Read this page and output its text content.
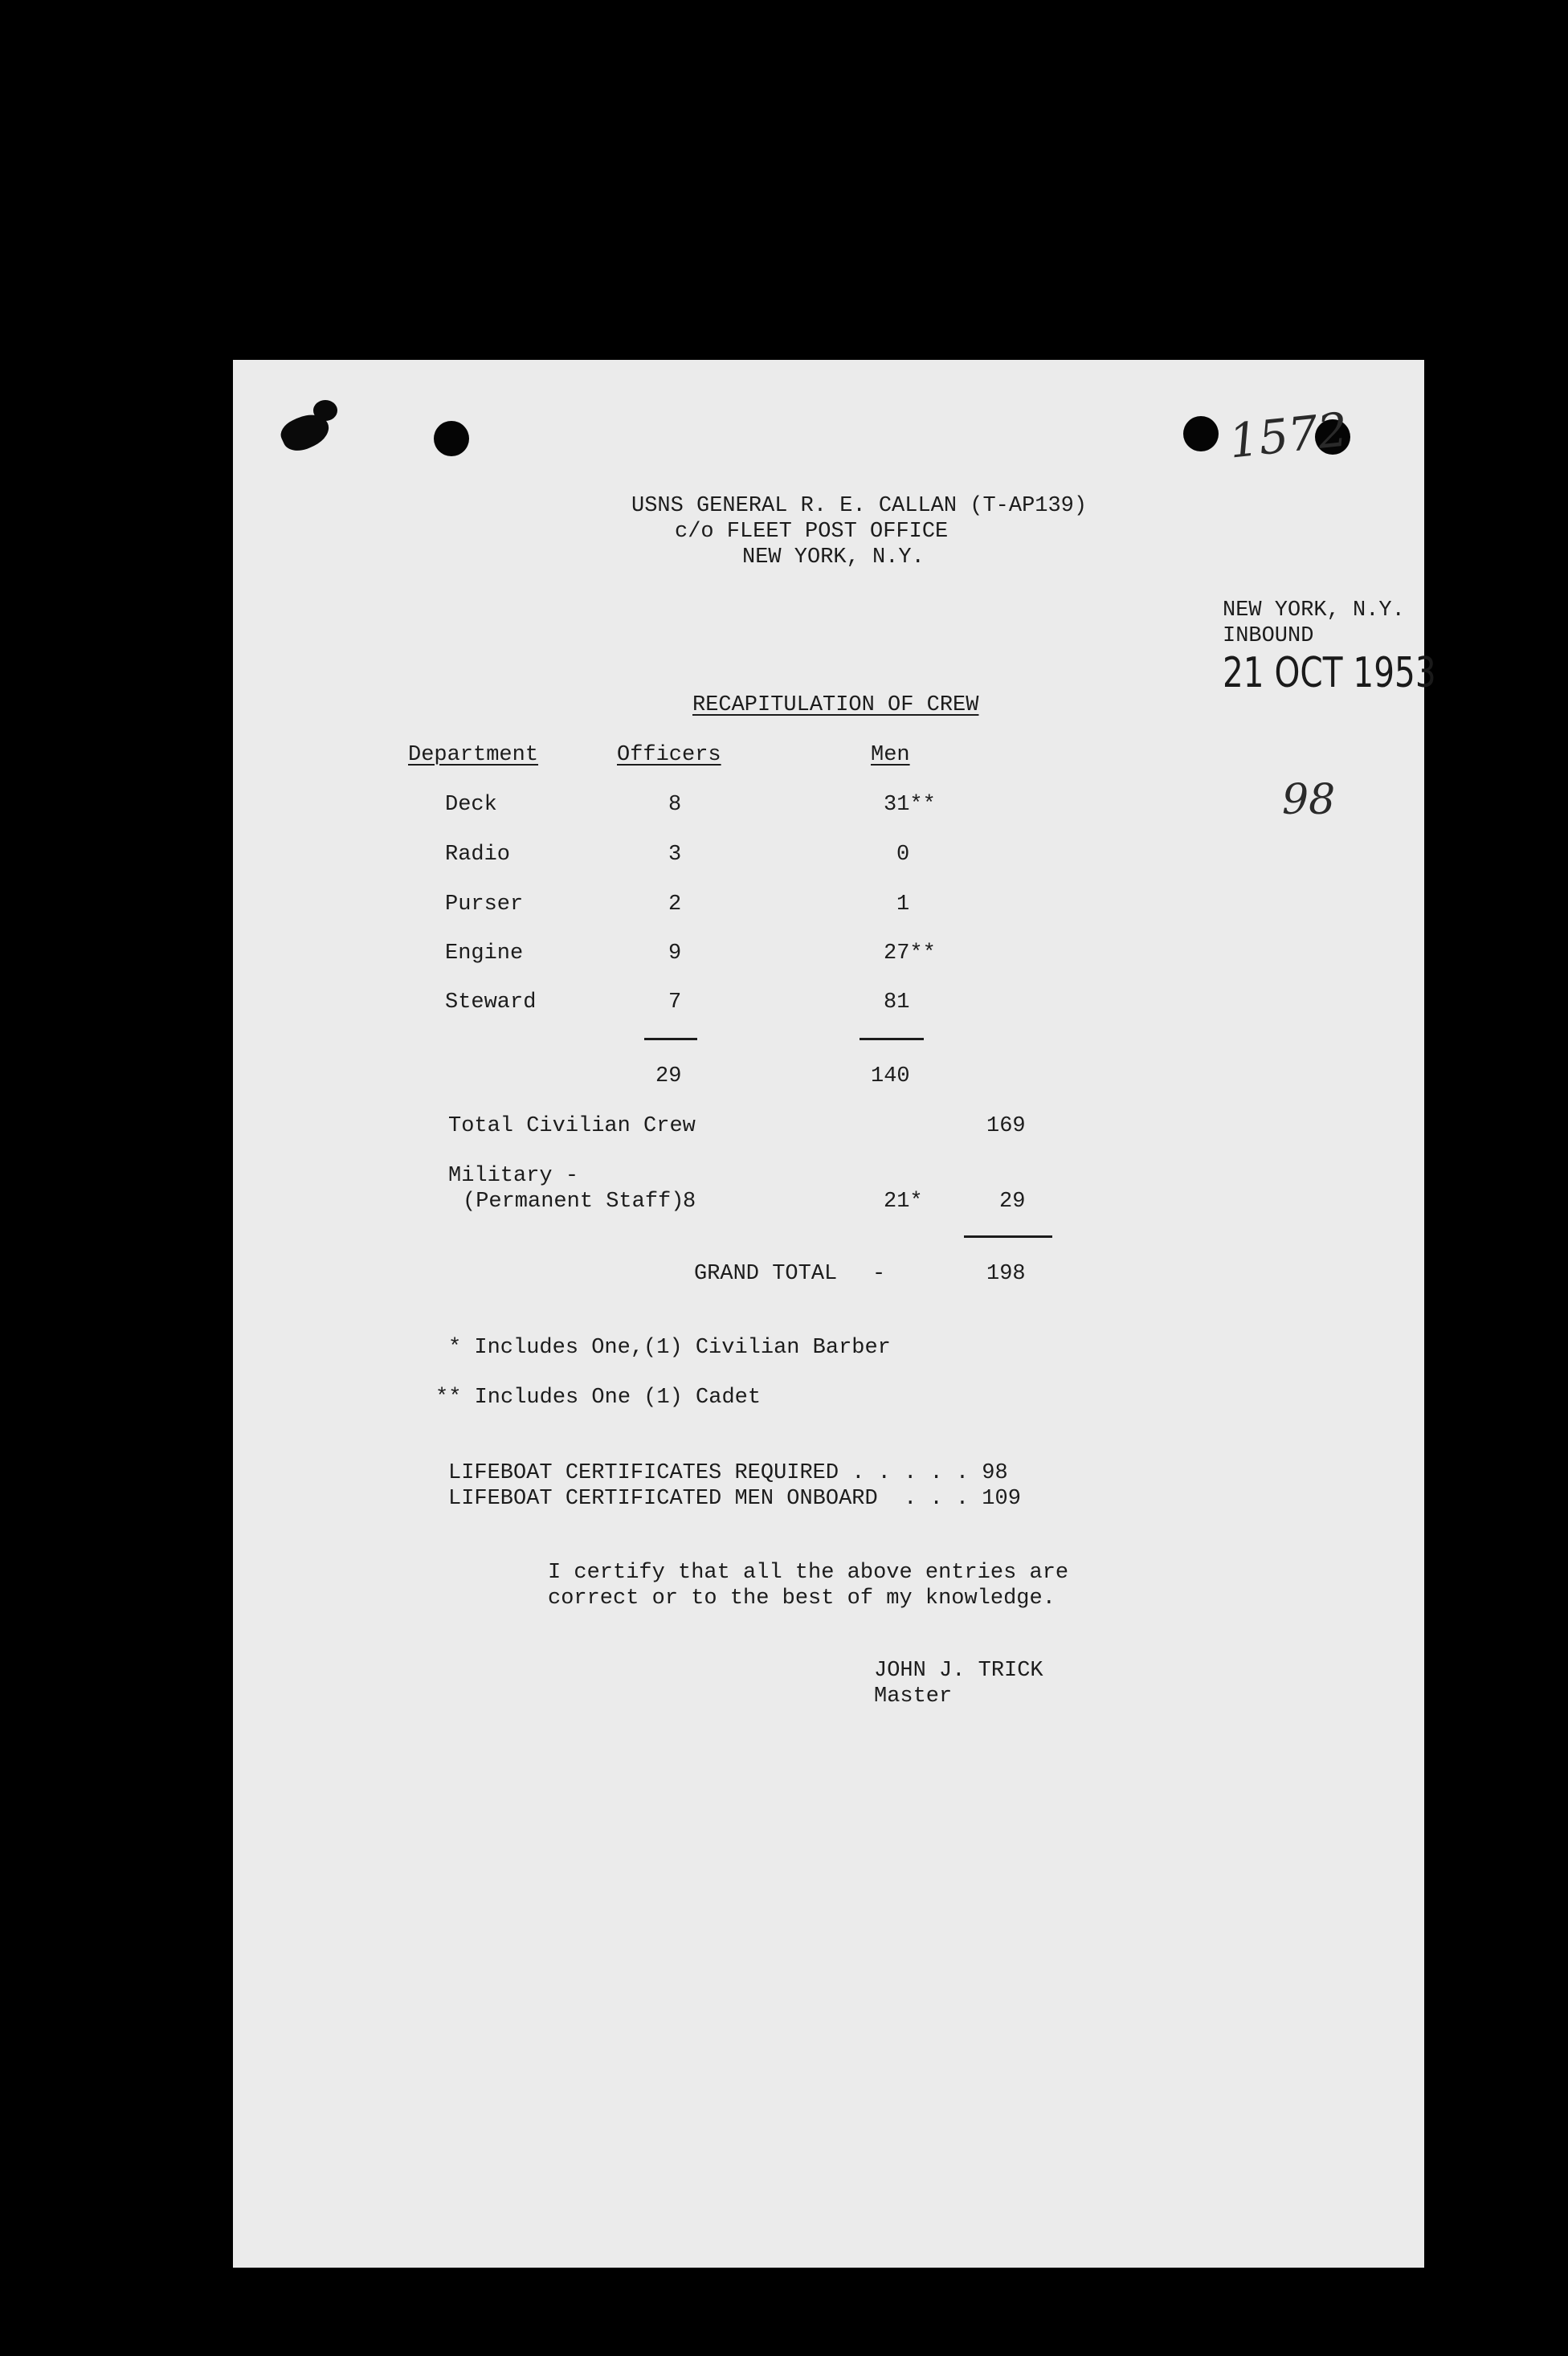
1572
USNS GENERAL R. E. CALLAN (T-AP139)
c/o FLEET POST OFFICE
NEW YORK, N.Y.
NEW YORK, N.Y.
INBOUND
21 OCT 1953
98
RECAPITULATION OF CREW
Department	Officers	Men
Deck	8	31**
Radio	3	0
Purser	2	1
Engine	9	27**
Steward	7	81
29	140
Total Civilian Crew	169
Military -
(Permanent Staff)
8	21*	29
GRAND TOTAL -	198
* Includes One,(1) Civilian Barber
** Includes One (1) Cadet
LIFEBOAT CERTIFICATES REQUIRED . . . . . 98
LIFEBOAT CERTIFICATED MEN ONBOARD  . . . 109
I certify that all the above entries are
correct or to the best of my knowledge.
JOHN J. TRICK
Master
